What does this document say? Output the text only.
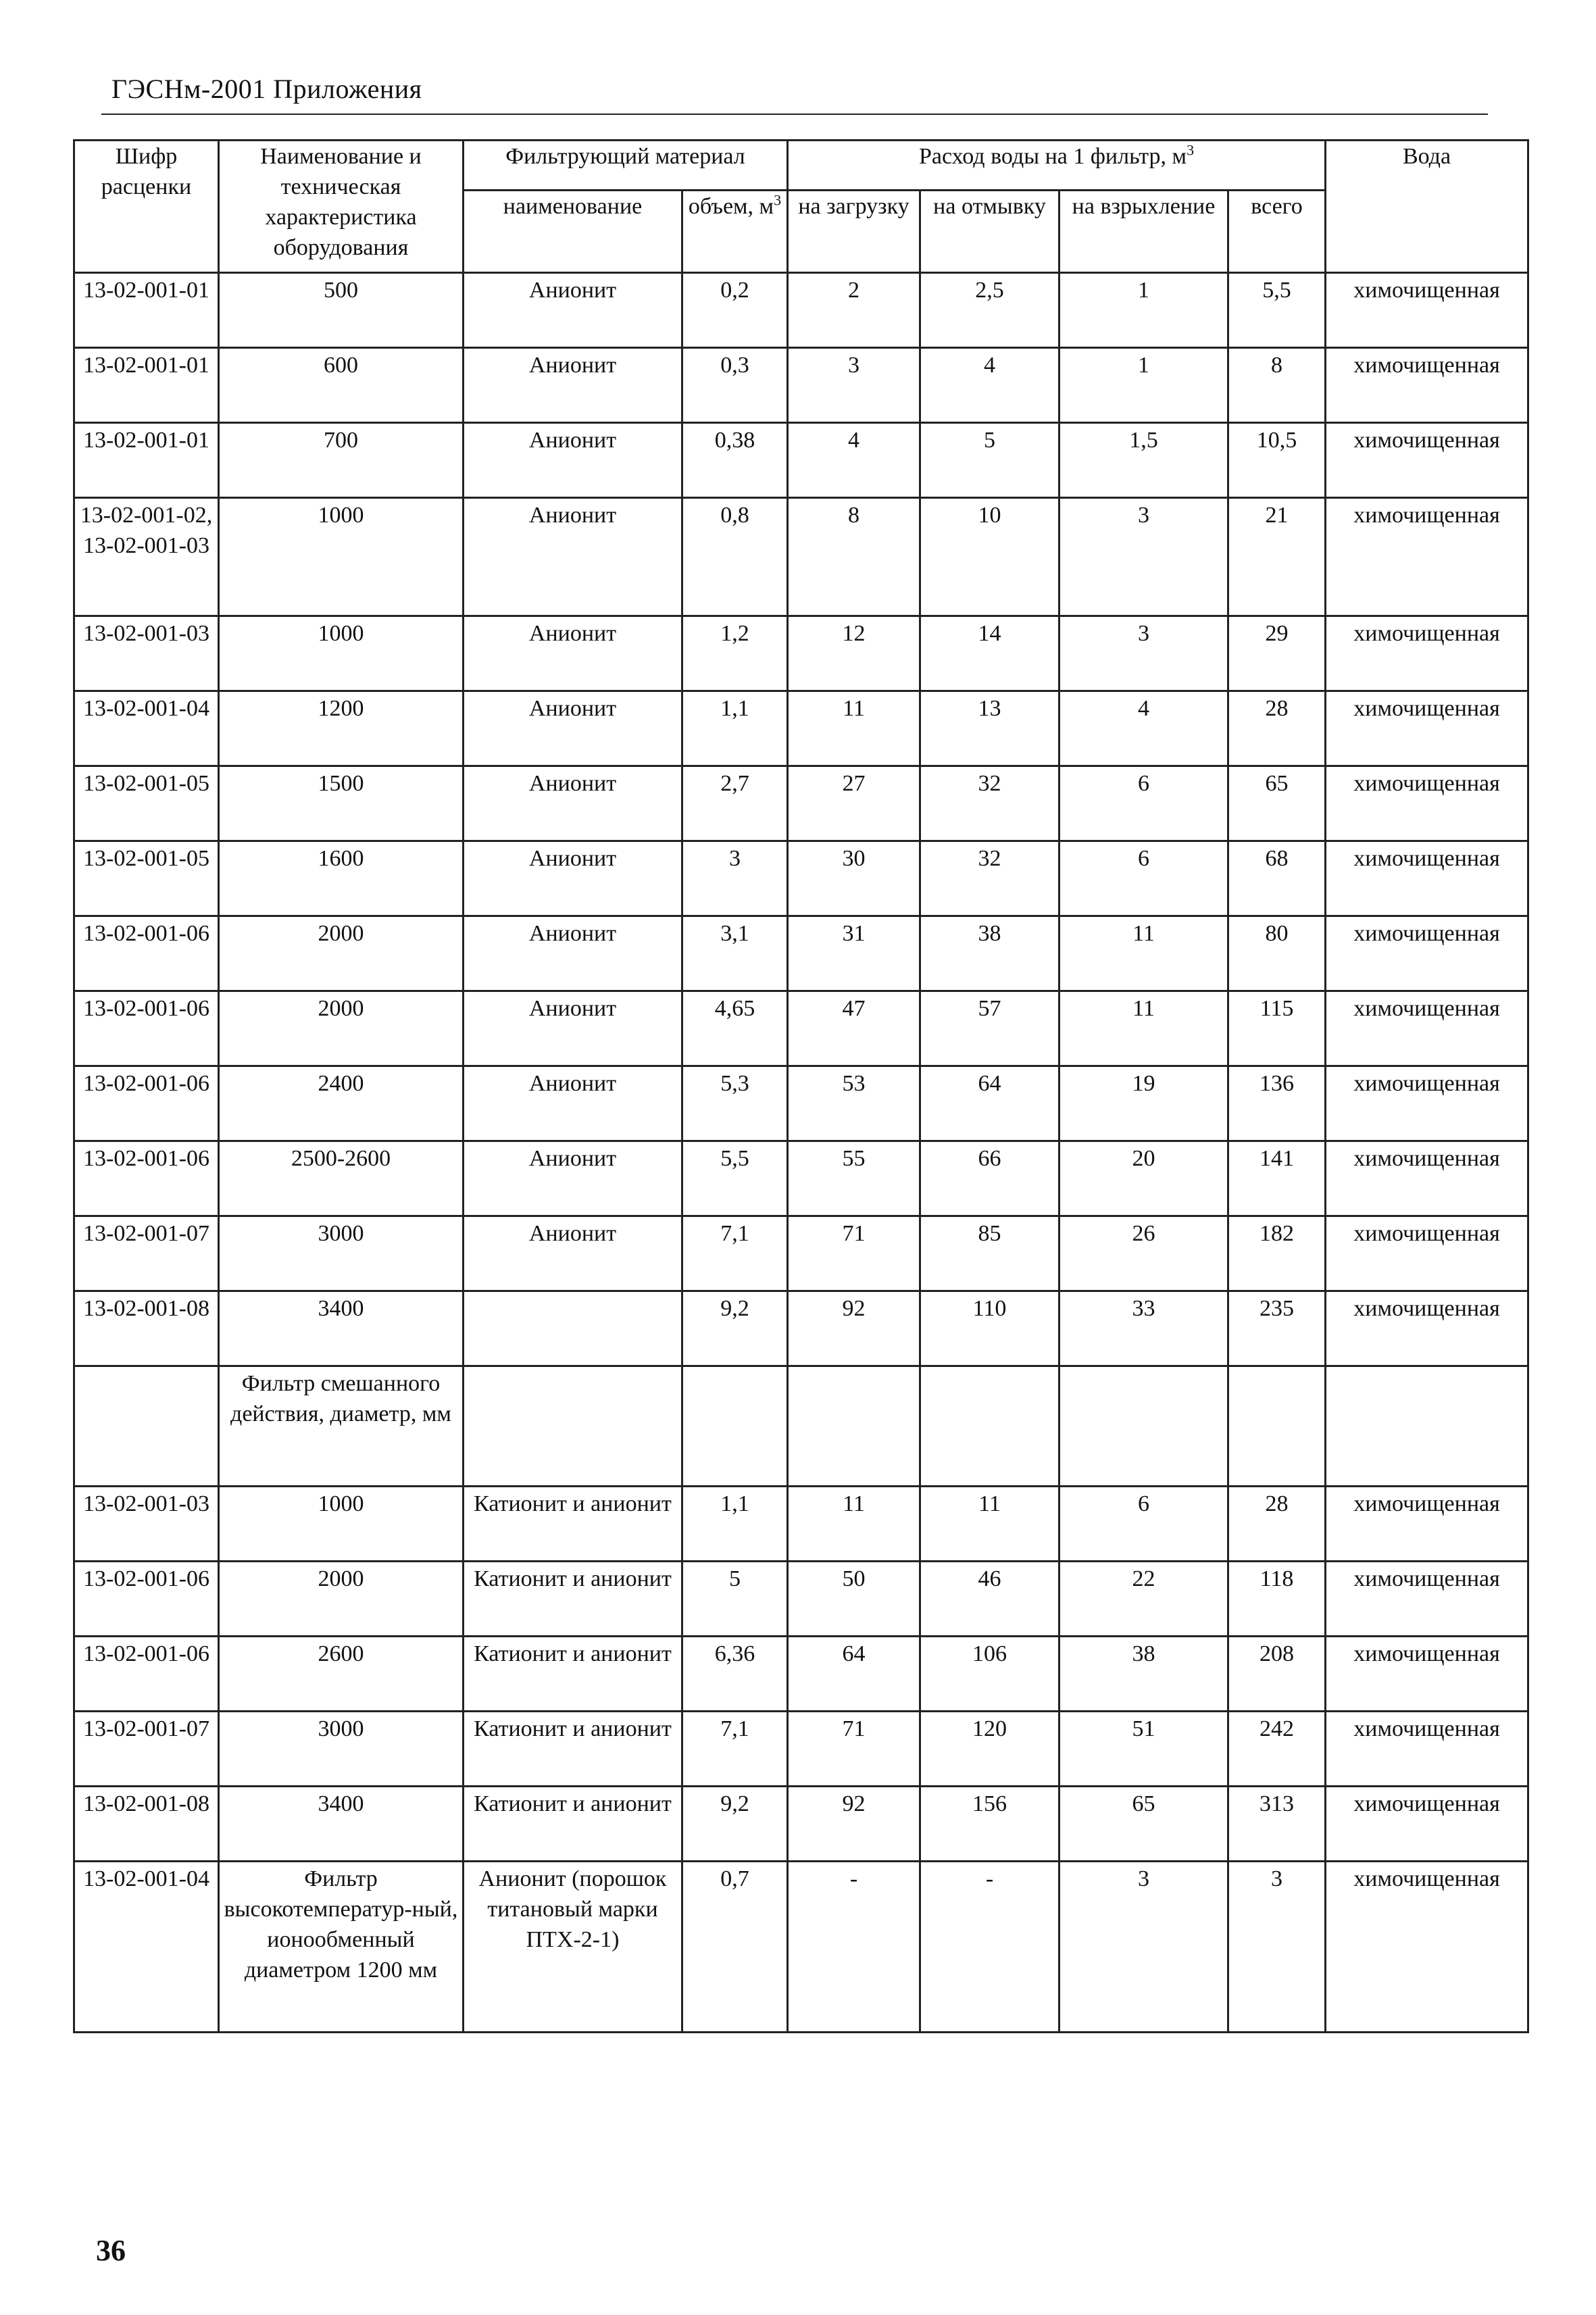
ГЭСНм-2001 Приложения
Шифр расценки	Наименование и техническая характеристика оборудования	Фильтрующий материал		Расход воды на 1 фильтр, $м^3$				Вода
		наименование	объем, $м^3$	на загрузку	на отмывку	на взрыхление	всего	
13-02-001-01	500	Анионит	0,2	2	2,5	1	5,5	химочищенная
13-02-001-01	600	Анионит	0,3	3	4	1	8	химочищенная
13-02-001-01	700	Анионит	0,38	4	5	1,5	10,5	химочищенная
13-02-001-02, 13-02-001-03	1000	Анионит	0,8	8	10	3	21	химочищенная
13-02-001-03	1000	Анионит	1,2	12	14	3	29	химочищенная
13-02-001-04	1200	Анионит	1,1	11	13	4	28	химочищенная
13-02-001-05	1500	Анионит	2,7	27	32	6	65	химочищенная
13-02-001-05	1600	Анионит	3	30	32	6	68	химочищенная
13-02-001-06	2000	Анионит	3,1	31	38	11	80	химочищенная
13-02-001-06	2000	Анионит	4,65	47	57	11	115	химочищенная
13-02-001-06	2400	Анионит	5,3	53	64	19	136	химочищенная
13-02-001-06	2500-2600	Анионит	5,5	55	66	20	141	химочищенная
13-02-001-07	3000	Анионит	7,1	71	85	26	182	химочищенная
13-02-001-08	3400		9,2	92	110	33	235	химочищенная
	Фильтр смешанного действия, диаметр, мм							
13-02-001-03	1000	Катионит и анионит	1,1	11	11	6	28	химочищенная
13-02-001-06	2000	Катионит и анионит	5	50	46	22	118	химочищенная
13-02-001-06	2600	Катионит и анионит	6,36	64	106	38	208	химочищенная
13-02-001-07	3000	Катионит и анионит	7,1	71	120	51	242	химочищенная
13-02-001-08	3400	Катионит и анионит	9,2	92	156	65	313	химочищенная
13-02-001-04	Фильтр высокотемператур-ный, ионообменный диаметром 1200 мм	Анионит (порошок титановый марки ПТХ-2-1)	0,7	-	-	3	3	химочищенная
36
